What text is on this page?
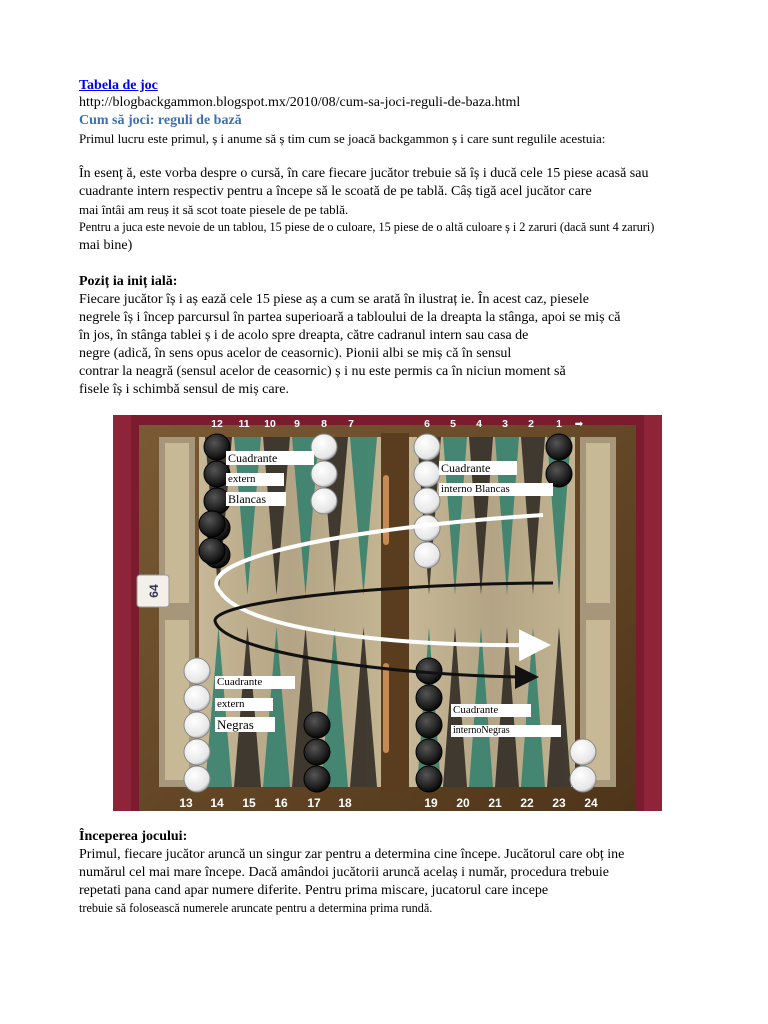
Tabela de joc
http://blogbackgammon.blogspot.mx/2010/08/cum-sa-joci-reguli-de-baza.html
Cum să joci: reguli de bază
Primul lucru este primul, ș i anume să ș tim cum se joacă backgammon ș i care sunt regulile acestuia:
În esenț ă, este vorba despre o cursă, în care fiecare jucător trebuie să îș i ducă cele 15 piese acasă sau
cuadrante intern respectiv pentru a începe să le scoată de pe tablă. Câș tigă acel jucător care
mai întâi am reuș it să scot toate piesele de pe tablă.
Pentru a juca este nevoie de un tablou, 15 piese de o culoare, 15 piese de o altă culoare ș i 2 zaruri (dacă sunt 4 zaruri)
mai bine)
Poziț ia iniț ială:
Fiecare jucător îș i aș ează cele 15 piese aș a cum se arată în ilustraț ie. În acest caz, piesele
negrele îș i încep parcursul în partea superioară a tabloului de la dreapta la stânga, apoi se miș că
în jos, în stânga tablei ș i de acolo spre dreapta, către cadranul intern sau casa de
negre (adică, în sens opus acelor de ceasornic). Pionii albi se miș că în sensul
contrar la neagră (sensul acelor de ceasornic) ș i nu este permis ca în niciun moment să
fisele îș i schimbă sensul de miș care.
64
12 11 10 9 8 7	6 5 4 3 2 1 ➡
13 14 15 16 17 18	19 20 21 22 23 24
Cuadrante
extern
Blancas
Cuadrante
interno Blancas
Cuadrante
extern
Negras
Cuadrante
internoNegras
Începerea jocului:
Primul, fiecare jucător aruncă un singur zar pentru a determina cine începe. Jucătorul care obț ine
numărul cel mai mare începe. Dacă amândoi jucătorii aruncă acelaș i număr, procedura trebuie
repetati pana cand apar numere diferite. Pentru prima miscare, jucatorul care incepe
trebuie să folosească numerele aruncate pentru a determina prima rundă.
